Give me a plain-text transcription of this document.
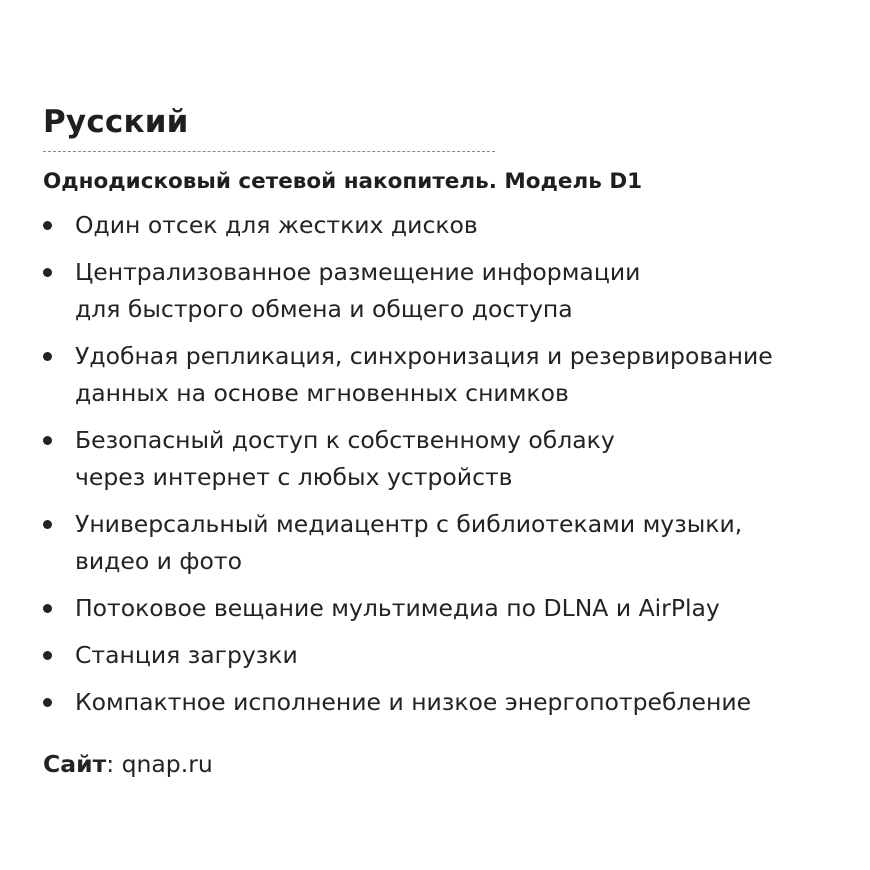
Русский
Однодисковый сетевой накопитель. Модель D1
Один отсек для жестких дисков
Централизованное размещение информации
для быстрого обмена и общего доступа
Удобная репликация, синхронизация и резервирование
данных на основе мгновенных снимков
Безопасный доступ к собственному облаку
через интернет с любых устройств
Универсальный медиацентр с библиотеками музыки,
видео и фото
Потоковое вещание мультимедиа по DLNA и AirPlay
Станция загрузки
Компактное исполнение и низкое энергопотребление

Сайт: qnap.ru
